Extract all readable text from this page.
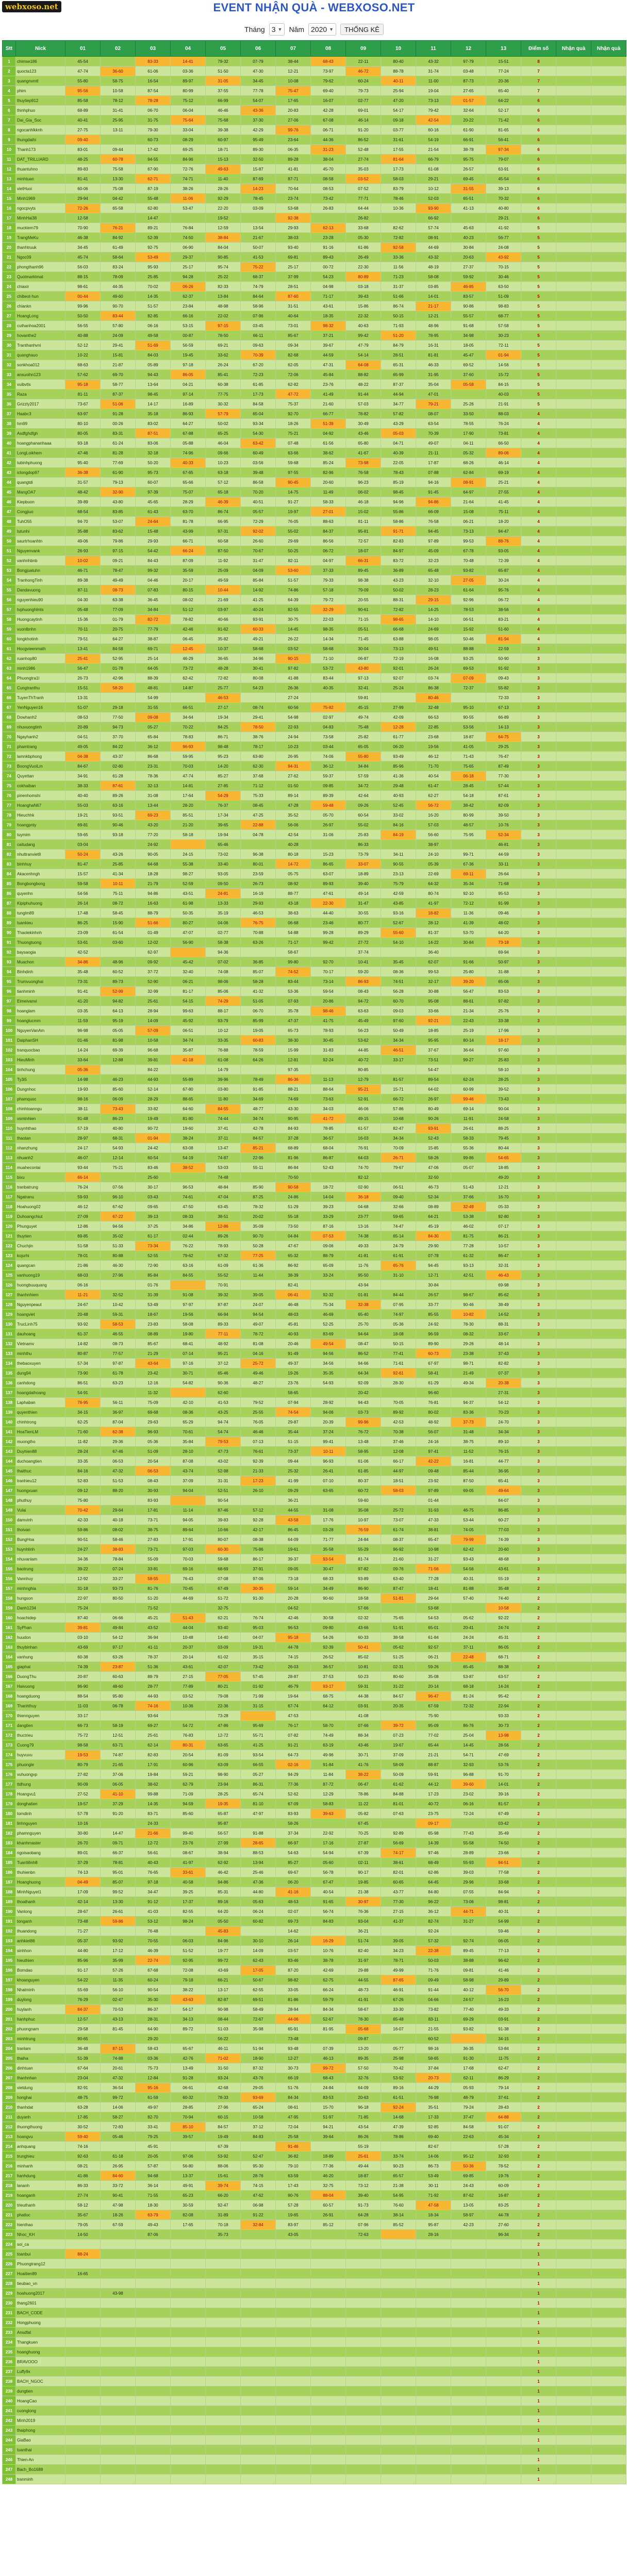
webxoso.net	EVENT NHẬN QUÀ - WEBXOSO.NET
Tháng 3 ▼ Năm 2020 ▼	THỐNG KÊ
Stt	Nick	01	02	03	04	05	06	07	08	09	10	11	12	13	Điểm số	Nhận quà	Nhận quà
1	chimse186	45-54		83-33	14-41	79-32	07-79	38-44	68-43	22-11	80-40	43-32	97-79	15-51	8		
2	quocta123	47-74	36-60	61-06	03-36	51-50	47-30	12-21	73-97	46-72	88-78	31-74	03-48	77-24	7		
3	quangnvmtl	55-80	58-75	16-54	89-97	31-05	34-45	10-08	79-62	60-24	40-11	11-00	87-73	20-36	7		
4	phim	95-56	10-58	87-54	80-99	37-55	77-78	75-47	69-40	79-73	25-94	19-04	27-65	65-40	7		
5	thuytiep912	85-58	78-12	78-28	75-12	66-99	54-07	17-65	16-07	02-77	47-20	73-13	01-57	64-22	6		
6	thinhphuo	68-89	31-41	06-70	06-04	46-46	43-36	20-83	42-28	69-01	54-17	79-42	32-64	52-17	6		
7	Dai_Gia_Soc	40-41	25-95	31-75	75-64	75-68	37-30	27-06	67-08	46-14	09-18	42-54	20-22	71-42	6		
8	ngocanhlkknh	27-75	13-11	79-30	33-04	39-38	42-29	99-76	06-71	91-20	03-77	60-16	61-90	81-65	6		
9	thungdaihi	09-40		60-73	08-29	60-97	95-49	23-64	44-36	86-52	31-61	54-19	66-91	56-41	6		
10	Thanh173	83-01	09-44	17-42	69-25	18-71	89-30	06-35	31-23	52-48	17-55	21-54	38-78	97-34	6		
11	DAT_TRILLIARD	48-25	60-78	94-55	84-96	15-13	32-50	89-28	38-04	27-74	81-64	66-79	95-75	79-07	6		
12	thuantuhno	89-83	75-58	67-90	72-76	49-63	15-87	41-81	45-70	35-03	17-73	61-08	26-57	63-91	6		
13	minhtuan	81-41	13-30	62-71	74-71	11-40	87-69	87-71	08-58	03-52	58-03	29-21	69-45	45-54	6		
14	vietHuoi	60-06	75-08	87-19	38-26	28-26	14-23	70-64	08-53	07-52	83-79	10-12	31-55	39-13	6		
15	Minh1969	29-94	04-42	55-48	11-06	92-29	78-45	23-74	73-42	77-71	78-46	52-03	65-51	70-32	6		
16	ngocpvyts	72-26	65-58	62-80	53-47	22-20	03-09	53-68	26-83	64-44	10-36	93-90	41-13	40-80	6		
17	MinhHai38	12-58		14-47		19-52		92-38		26-82		66-92		29-21	6		
18	muckiem79	70-90	76-21	89-21	76-84	12-59	13-54	29-93	62-13	33-68	82-62	57-74	45-63	41-92	5		
19	TrangMeKu	46-38	84-92	52-39	74-50	38-84	21-67	38-03	23-28	05-30	72-82	08-91	40-23	56-77	5		
20	thanhtruuk	34-45	61-49	92-75	06-90	84-04	50-07	93-40	91-16	61-86	92-58	44-69	30-84	24-08	5		
21	Ngoc09	45-74	58-64	53-49	29-37	90-85	41-53	69-81	89-43	26-49	33-36	43-32	20-63	43-92	5		
22	phongthanh96	56-03	83-24	95-93	25-17	95-74	75-22	25-17	00-72	22-30	11-56	48-19	27-37	70-15	5		
23	Quotmarktmat	88-15	78-09	25-85	94-28	25-22	68-37	37-99	54-23	80-89	71-23	58-08	59-92	30-46	5		
24	chiaxir	98-61	44-35	70-02	06-26	82-33	74-79	28-51	04-98	03-18	31-37	03-85	46-85	63-50	5		
25	chibeot-hun	00-44	49-60	14-35	62-37	13-84	84-64	87-60	71-17	39-43	51-66	14-01	83-57	51-09	5		
26	chiankn	99-96	90-70	51-57	23-84	48-98	58-96	31-51	43-61	15-86	86-74	21-17	90-86	98-83	5		
27	HoangLong	50-50	83-44	82-85	66-16	22-02	07-96	40-64	18-35	22-32	50-15	12-21	55-57	68-77	5		
28	cuthanhoa2001	56-55	57-80	06-16	53-15	97-15	03-45	73-01	98-32	40-63	71-93	48-96	91-68	57-58	5		
29	hovanthe2	40-88	24-09	49-58	00-87	78-50	66-11	85-67	37-21	99-42	51-20	78-95	34-98	30-23	5		
30	Tranthanhvni	52-12	29-41	51-69	56-59	69-21	09-63	09-34	39-67	47-79	84-79	16-31	18-05	72-11	5		
31	quanghauo	10-22	15-81	84-03	19-45	33-62	70-39	82-68	44-59	54-14	28-51	81-81	45-47	01-94	5		
32	sonkhoa012	68-63	21-87	05-89	97-18	26-24	67-20	62-05	47-31	64-08	65-31	46-33	69-52	14-56	5		
33	ansuoihn123	57-62	69-70	94-43	86-05	85-41	72-23	72-06	45-84	88-82	65-99	31-95	37-60	15-72	5		
34	vuibvtls	95-18	58-77	13-64	04-21	60-38	61-85	62-82	23-76	48-22	87-37	35-04	05-58	84-15	5		
35	Raza	81-11	87-37	98-45	97-14	77-75	17-73	47-72	41-49	91-44	44-94	47-01		40-03	5		
36	Grizzly2017	73-67	51-06	14-17	16-89	30-32	84-58	75-37	21-60	57-03	34-77	79-21	25-26	21-91	5		
37	Haabc3	63-97	91-28	35-18	86-93	57-79	65-04	92-70	66-77	78-82	57-82	08-07	33-50	88-03	4		
38	hm99	80-10	00-26	83-02	64-27	50-02	93-34	18-26	51-39	30-49	43-29	63-54	78-55	76-24	4		
39	Asdfghdfgh	80-05	83-31	87-51	67-88	65-25	54-30	75-21	04-92	43-46	05-03	70-39	17-90	73-81	4		
40	hoangphananhaaa	93-18	61-24	83-06	05-88	46-04	63-42	07-48	61-56	65-80	04-71	49-07	04-11	66-50	4		
41	LongLoikhem	47-46	81-28	32-18	74-96	09-66	60-49	63-66	38-62	41-67	40-39	21-11	05-32	89-06	4		
42	tubinhphuong	95-40	77-69	50-20	40-33	10-23	03-56	59-68	85-24	73-98	22-05	17-87	68-26	46-14	4		
43	iclongdop97	36-38	61-90	95-73	67-65	63-18	39-48	97-55	82-96	76-58	78-43	07-88	62-84	69-19	4		
44	quangtdi	31-57	79-13	60-07	65-66	57-12	86-58	90-45	20-60	96-23	85-19	94-16	08-91	25-21	4		
45	MangOA7	48-42	32-90	97-39	75-07	65-18	70-20	14-75	11-49	06-02	98-45	91-45	64-97	27-55	4		
46	Kiepbuon	39-89	43-80	45-65	28-29	46-39	40-51	91-27	58-33	46-18	94-96	94-86	21-64	41-45	4		
47	Congjiuo	68-54	83-85	61-43	63-70	86-74	05-57	19-97	27-01	15-02	55-86	66-09	15-08	75-11	4		
48	TuhO55	94-70	53-07	24-64	81-78	66-95	72-29	76-05	88-63	81-11	58-86	76-58	06-21	18-20	4		
49	tutunhi	35-88	83-62	15-48	43-99	97-31	92-02	55-02	84-37	95-81	91-71	94-45	73-13	94-47	4		
50	saurtrhoanhtn	49-06	79-86	29-93	66-71	60-58	26-60	29-69	86-56	72-57	82-83	97-89	99-53	88-76	4		
51	Nguyenvank	26-93	97-15	54-42	66-24	87-50	70-67	50-25	06-72	18-07	84-97	45-09	67-78	93-05	4		
52	vanhnhbnb	10-02	09-21	84-43	87-09	11-92	31-47	82-11	04-97	66-31	83-72	32-23	70-48	72-39	4		
53	Bongjuatuhn	46-71	78-47	99-32	35-59	25-09	04-09	53-60	37-33	89-45	36-89	65-48	93-82	65-87	4		
54	TranhongTinh	89-38	49-49	04-46	20-17	49-59	85-84	51-57	79-33	98-38	43-23	32-10	27-05	30-24	4		
55	Dandavuong	87-11	08-73	07-83	80-15	10-44	14-92	74-86	57-18	79-09	50-02	28-23	61-64	95-76	4		
56	nguyenhieu90	04-30	63-38	36-45	08-02	21-69	41-25	64-39	79-72	20-55	88-31	29-15	92-96	06-72	4		
57	tvphuonghlmls	05-48	77-09	34-84	51-12	03-97	40-24	82-55	32-29	90-61	72-82	14-25	78-53	38-56	4		
58	Huongcaytinh	15-36	01-79	82-72	78-82	40-66	93-91	30-75	22-03	71-15	98-65	14-10	06-51	83-21	4		
59	vuonlbnhn	70-11	20-75	77-79	42-46	91-62	60-33	14-45	98-35	05-51	66-68	24-69	15-92	51-60	4		
60	longkhotinh	79-51	64-27	38-87	06-45	35-82	49-21	26-22	14-34	71-45	63-88	98-05	50-46	81-94	4		
61	Hocgvieenmath	13-41	84-58	69-71	12-45	10-37	58-68	03-52	58-68	30-04	73-13	49-51	88-88	22-59	3		
62	ruanhop80	25-41	52-95	25-14	46-29	36-65	34-96	90-15	71-10	06-87	72-19	16-08	93-25	50-90	3		
63	minh1986	56-47	01-78	64-05	73-72	48-28	30-41	97-82	53-72	43-80	92-01	26-24	69-53	91-92	3		
64	Phuongtra1l	26-73	42-96	88-39	62-42	72-82	80-08	41-88	83-44	97-13	92-07	03-74	07-09	09-43	3		
65	Cungtranthu	15-51	58-20	48-81	14-87	25-77	54-23	26-36	40-35	32-41	25-24	86-38	72-37	55-82	3		
66	TuyenThTranh	13-31		54-99		46-53		27-24		59-81		80-46		72-33	3		
67	YenNguyen16	51-07	29-18	31-55	66-51	27-17	08-74	60-56	75-82	45-15	27-99	32-48	95-10	67-13	3		
68	Dowhanh2	08-53	77-50	09-08	34-64	19-34	29-41	54-98	02-97	49-74	42-09	66-53	90-55	66-89	3		
69	nhuvuongtinh	20-89	94-73	05-27	70-22	84-25	78-50	22-93	04-83	75-48	12-28	22-85	53-56	14-13	3		
70	Ngayhanh2	04-51	37-70	65-84	78-83	86-71	38-76	24-94	73-58	25-82	61-77	23-68	18-87	64-75	3		
71	phamtrang	49-05	84-22	36-12	96-93	98-48	78-17	10-23	03-44	65-05	06-20	19-56	41-05	29-25	3		
72	lamnkbphong	04-38	43-37	86-68	59-95	95-23	63-80	26-95	74-06	55-80	93-49	46-12	71-43	76-47	3		
73	BoongVuoiLm	84-67	02-80	23-31	70-03	14-20	62-30	94-31	36-12	34-84	85-96	71-70	75-65	87-49	3		
74	Quyettan	34-91	61-28	78-36	47-74	85-27	37-68	27-62	59-37	57-59	41-36	40-54	06-18	77-30	3		
75	cokhaiban	38-33	87-61	32-13	14-81	27-85	71-12	01-50	09-85	34-72	29-48	61-47	28-45	57-44	3		
76	pinenhomshi	40-40	89-26	31-08	17-64	54-29	75-33	89-14	89-39	42-64	40-93	62-27	54-18	87-61	3		
77	HoanghaN67	55-03	63-16	13-44	28-20	76-37	08-45	47-28	59-48	09-26	52-45	56-72	38-42	82-09	3		
78	Hieuchhk	19-21	93-51	69-23	85-51	17-34	47-25	35-52	05-70	60-54	33-02	16-20	80-99	39-50	3		
79	hoangpnty	69-81	90-46	43-20	21-20	39-65	22-88	56-06	26-97	55-02	84-16	57-03	48-57	10-76	3		
80	tuymim	59-65	93-18	77-20	58-18	19-94	04-78	42-54	31-06	25-83	84-19	56-60	75-95	52-34	3		
81	caitudang	03-04		24-92		65-46		40-28		86-33		38-97		46-81	3		
82	nhuttranviet8	50-24	43-26	90-05	24-15	73-02	96-38	80-18	15-23	73-79	34-11	24-10	99-71	44-59	3		
83	binhhuy	81-47	25-85	64-68	55-38	33-40	80-01	14-72	86-65	33-07	90-55	05-39	67-36	33-11	3		
84	Akacenhngh	15-57	41-34	18-28	98-27	93-05	23-59	05-75	63-07	18-89	23-13	22-69	69-11	26-64	3		
85	Bongbongbong	59-58	10-11	21-79	52-59	09-50	26-73	08-92	89-93	39-40	75-79	64-32	35-34	71-68	3		
86	quyenhn	54-56	75-11	94-86	43-51	24-81	16-19	88-77	47-61	49-14	42-59	80-74	92-10	95-53	3		
87	Kipiphuhuong	26-14	08-72	16-63	61-98	13-33	29-93	43-18	22-30	31-47	43-85	41-97	72-12	91-99	3		
88	tunglm89	17-48	58-45	88-79	50-35	35-19	46-53	38-63	44-40	30-55	93-16	18-82	11-36	09-46	3		
89	tuankieu	86-25	15-90	51-66	80-27	04-06	76-75	06-68	23-46	80-77	52-67	28-12	41-39	48-02	3		
90	Thaolekinhnh	23-09	61-54	01-49	47-07	02-77	70-88	54-88	99-28	89-29	55-60	81-37	53-70	64-20	3		
91	Thuongtuong	53-61	03-60	12-02	56-90	58-38	63-26	71-17	99-42	27-72	54-10	14-22	30-84	73-18	3		
92	baysaogia	42-52		62-97		94-36		58-67		37-74		36-40		69-94	3		
93	Muachon	34-86	48-96	09-92	45-42	07-02	36-85	99-80	92-70	10-41	35-45	62-07	91-66	50-97	3		
94	Binhdinh	35-48	60-52	37-72	32-40	74-08	85-07	74-52	70-17	59-20	08-36	99-53	25-80	31-88	3		
95	Trumvuonghai	73-31	89-73	52-90	06-21	98-06	58-28	83-44	73-14	86-93	74-51	32-17	39-20	65-06	3		
96	tianhminh	91-41	52-99	32-99	81-17	85-06	41-32	53-36	59-54	08-43	56-28	30-88	56-47	83-53	3		
97	Eimeivanvi	41-20	94-82	25-61	54-15	74-29	51-05	07-93	20-86	94-72	60-70	95-08	88-61	97-82	3		
98	hoanglam	03-35	64-13	28-94	99-63	88-17	06-70	35-78	98-46	63-63	09-03	33-66	21-34	25-76	3		
99	hoanglucmm	11-59	95-19	14-09	45-92	93-79	85-99	47-37	41-75	45-49	97-60	92-21	22-43	33-38	3		
100	NguyenVanAm	96-98	05-05	57-09	06-51	10-12	19-05	65-73	78-93	56-23	50-49	18-85	25-19	17-96	3		
101	DaiphanSH	01-46	81-98	10-58	34-74	33-35	60-83	38-30	30-45	53-62	34-34	95-95	80-14	18-17	3		
102	tranquocbao	14-24	69-39	96-68	35-87	76-88	78-59	15-99	31-83	44-85	46-51	37-67	36-64	97-60	3		
103	HieuMinh	33-64	12-88	39-81	41-18	61-08	64-26	12-81	92-24	40-72	33-17	73-51	99-27	25-83	3		
104	tinhchung	05-36		84-22		14-79		97-35		80-85		54-47		58-10	3		
105	Ty3i5	14-98	46-23	44-93	55-89	39-96	78-49	86-36	11-13	12-79	81-57	89-54	62-24	28-25	3		
106	Dungnhoc	19-93	85-60	52-14	67-80	03-80	91-85	88-21	88-64	95-21	15-71	64-02	60-99	39-52	3		
107	phamquoc	98-16	06-09	28-29	88-65	11-80	34-69	74-69	73-63	52-91	66-72	26-97	99-46	73-43	3		
108	chinhtoanngu	38-11	73-43	33-82	64-60	84-55	48-77	43-30	34-03	46-06	57-86	80-49	69-14	90-04	3		
109	vsmtnhien	91-48	86-23	19-49	81-80	74-44	34-74	90-95	41-72	49-15	10-68	90-26	11-91	24-58	3		
110	huynhthao	57-19	40-80	90-72	19-60	37-41	42-78	84-93	78-85	61-57	82-47	93-91	26-61	88-25	3		
111	thaotan	28-97	68-31	01-94	38-24	37-11	84-57	37-28	36-57	16-03	34-34	52-43	58-33	79-45	3		
112	nhanzhung	24-17	54-93	24-42	63-08	13-47	85-21	68-89	68-04	76-91	70-09	15-85	55-36	80-44	3		
113	nhuanh2	46-07	12-14	60-54	54-19	74-87	22-96	81-96	86-87	64-03	26-71	58-26	99-86	54-65	3		
114	muaheconlai	93-44	75-21	83-46	38-52	53-03	55-11	86-84	52-43	74-70	79-67	47-06	05-07	18-85	3		
115	bixu	66-14		25-60		74-48		70-50		82-12		32-50		49-20	3		
116	tranbatrung	76-24	07-56	30-17	96-53	48-84	85-90	90-58	18-72	02-90	06-51	46-73	51-43	12-21	3		
117	Ngatranu	59-93	96-10	03-43	74-61	47-04	87-25	24-86	14-04	36-18	09-40	52-34	37-66	16-70	3		
118	Hoahuong02	46-12	67-62	09-65	47-50	63-45	78-32	51-29	39-23	04-68	32-66	08-89	32-49	05-33	3		
119	Duhoangchiut	27-09	67-22	39-13	08-33	38-51	20-02	55-18	33-29	23-77	59-65	64-21	53-38	92-80	3		
120	Phunguyet	12-86	94-56	37-25	34-86	12-86	35-09	73-50	87-16	13-16	74-47	45-19	46-02	07-17	3		
121	thuytien	69-85	35-02	61-17	02-44	89-26	90-70	04-84	07-53	74-38	65-14	84-30	81-75	86-21	3		
122	Chuchjin	51-58	51-33	73-34	76-22	78-93	50-28	47-67	09-06	49-33	24-79	29-90	77-28	10-57	3		
123	kojurhi	78-01	80-88	52-55	79-62	67-32	77-25	65-32	88-79	41-81	61-91	07-78	61-32	86-47	3		
124	quangcan	21-86	46-30	72-90	63-16	61-09	61-36	86-92	65-09	11-76	65-76	94-45	93-13	32-31	3		
125	vanhuong19	68-03	27-96	85-84	84-55	55-52	11-44	38-39	33-24	95-50	31-10	12-71	42-51	46-43	3		
126	huongbuuquang	06-16		01-76		70-91		82-41		43-94		30-84		69-98	3		
127	thanhnhiem	11-21	32-52	31-39	91-08	39-32	39-05	06-41	92-32	01-81	84-44	26-57	98-67	85-62	3		
128	Nguyenpeaut	24-67	10-42	53-49	97-97	87-87	24-07	46-48	75-34	32-38	07-95	33-77	90-46	38-49	3		
129	hoangviet	20-48	59-31	18-67	19-56	66-94	94-54	48-03	46-69	65-40	74-97	85-55	10-82	14-52	3		
130	TrucLinh75	93-92	58-53	23-83	58-08	89-33	49-07	45-81	52-25	25-70	05-36	24-92	78-30	88-31	3		
131	dauhoang	61-37	46-55	08-89	19-80	77-11	78-72	40-93	83-69	94-64	18-08	96-59	08-32	33-67	3		
132	Vietnamv	14-82	08-73	85-67	68-41	48-92	81-08	20-46	49-54	08-47	50-15	89-90	29-26	48-14	3		
133	minhthu	80-87	77-57	21-29	07-14	95-21	04-16	91-49	94-56	86-52	77-41	60-73	23-38	37-43	3		
134	thebaoxuyen	57-34	97-87	43-64	97-16	37-12	25-72	49-37	34-56	94-66	71-61	67-97	98-71	82-82	3		
135	dung94	73-90	61-78	23-42	30-71	65-46	49-46	19-26	35-35	64-34	92-61	58-41	21-49	07-37	3		
136	canhdong	86-51	63-23	12-16	54-82	90-36	48-27	23-76	54-93	92-09	28-30	61-29	49-34	20-38	3		
137	hoangdaihoang	54-91		11-32		62-60		58-65		20-42		96-60		27-31	3		
138	Laphaban	76-95	56-11	75-09	42-10	41-53	79-52	07-94	28-92	94-43	70-05	76-81	94-37	54-12	3		
139	quyenthien	34-15	36-97	69-68	08-36	43-25	25-55	74-54	94-06	03-73	89-92	80-02	83-36	70-23	3		
140	chinhtrong	62-25	87-04	29-63	65-29	94-74	76-05	29-87	20-39	99-96	42-53	48-92	37-73	24-70	3		
141	HoaTienLM	71-60	62-38	96-93	70-61	54-74	46-46	35-44	37-24	76-72	70-38	56-07	31-48	34-34	3		
142	muongtho	11-82	29-36	05-36	35-84	79-53	07-13	51-15	99-41	13-48	37-46	24-16	38-75	89-10	3		
143	Duyhien88	28-24	67-46	51-09	28-10	47-73	76-61	73-37	10-11	58-95	12-08	97-41	11-52	76-15	3		
144	duchoangtien	33-35	06-53	20-54	87-08	43-02	92-39	09-44	96-93	61-06	66-17	42-22	16-81	44-77	3		
145	thaithuc	84-16	47-32	06-53	43-74	52-98	21-33	25-32	26-41	61-85	44-97	09-48	85-44	36-95	3		
146	tranhieu12	52-83	51-53	08-43	37-09	31-31	17-23	41-99	07-10	80-37	18-51	23-92	87-50	65-41	3		
147	huongxuan	09-12	88-20	30-93	94-04	52-51	26-10	09-29	63-65	60-72	58-03	97-89	69-05	49-64	3		
148	phuthuy	75-80		83-93		90-54		36-21		59-60		01-44		84-07	3		
149	Vulai	70-42	29-64	17-81	11-14	87-46	57-12	44-55	31-08	35-08	25-72	31-93	46-75	86-85	3		
150	damvinh	42-33	40-18	73-71	94-05	39-83	92-28	43-58	17-76	10-97	73-07	47-33	53-44	60-27	3		
151	thoivan	59-86	08-02	38-75	89-64	10-66	42-17	86-45	03-28	76-59	61-74	38-81	74-05	77-03	3		
152	BungHoa	90-51	58-46	27-83	17-91	80-07	08-38	64-09	71-77	24-84	08-37	65-47	79-99	74-39	3		
153	huynhlinh	24-27	38-83	73-71	97-03	60-30	75-86	19-61	35-58	55-29	96-92	10-98	62-42	20-60	3		
154	nhuvanlam	34-36	78-84	55-09	70-03	59-68	86-17	39-37	93-54	81-74	21-60	31-27	93-43	48-68	3		
155	baotrung	39-22	07-24	33-81	69-16	68-69	37-91	09-05	30-47	97-82	09-76	71-56	54-56	43-61	3		
156	Vannhuy	12-92	33-27	58-55	76-43	07-08	97-06	73-18	68-33	93-89	63-40	77-28	40-31	55-19	2		
157	minhnghia	31-18	93-73	81-76	70-45	67-49	30-35	59-14	34-49	86-90	87-47	18-41	81-88	35-48	2		
158	hungson	22-97	80-50	51-20	44-69	51-72	91-30	20-28	90-60	18-58	51-81	29-64	57-40	74-40	2		
159	Danh1234	75-24		71-52		32-75		04-52		57-66		53-68		10-58	2		
160	hoachidep	87-40	06-66	45-21	51-43	62-21	76-74	42-46	30-58	02-32	75-65	54-53	05-62	92-22	2		
161	SyPhan	39-81	49-84	43-52	44-04	93-40	95-03	96-53	09-80	43-66	51-91	65-01	20-41	24-74	2		
162	huudon	03-10	54-12	36-94	10-48	14-40	04-07	95-18	54-26	60-33	38-58	61-84	24-24	45-31	2		
163	thuybinhan	43-69	97-17	41-11	20-37	03-09	19-31	44-78	92-39	50-41	05-62	92-57	37-11	86-05	2		
164	vanhung	60-38	63-26	78-37	20-14	61-02	35-15	74-15	26-52	85-02	51-25	06-21	22-48	68-71	2		
165	giaphat	74-39	23-87	51-36	43-61	42-07	73-42	26-03	36-57	10-81	02-31	59-26	65-45	88-38	2		
166	DuongThu	20-87	60-63	88-79	27-15	77-05	57-45	28-87	37-53	50-23	80-60	35-08	53-87	63-57	2		
167	Haivuong	96-90	48-60	28-77	77-89	80-21	01-92	46-79	93-17	59-31	31-22	20-14	68-18	14-24	2		
168	hoangduong	88-54	95-80	44-93	03-52	79-08	71-99	19-64	68-75	44-38	84-57	96-47	81-24	95-42	2		
169	Thanhthuy	11-03	06-78	74-16	10-36	22-36	31-15	67-74	64-12	03-91	20-35	67-59	72-32	22-94	2		
170	thiennguyen	33-17		93-64		73-28		47-53		41-08		75-90		93-33	2		
171	dangtien	66-73	58-19	69-27	54-72	47-86	95-69	76-17	58-70	07-66	39-72	95-09	86-76	30-73	2		
172	thuctrieu	75-72	12-51	25-61	76-83	12-72	55-71	07-82	74-49	88-34	07-23	77-02	25-04	13-98	2		
173	Cuong79	98-58	63-71	62-14	80-31	63-65	41-25	91-21	63-19	43-46	19-67	65-44	14-45	28-56	2		
174	huyvuvu	19-53	74-87	82-83	20-54	81-09	93-54	64-73	49-96	30-71	37-09	21-21	54-71	47-69	2		
175	phuongle	80-79	21-65	17-91	60-96	63-09	66-55	02-16	91-84	41-76	58-09	88-87	32-93	53-76	2		
176	vuhuongvp	27-82	37-06	19-84	59-21	98-90	05-27	94-29	11-84	38-22	50-09	59-91	96-88	91-70	2		
177	ttdhung	90-09	06-05	38-62	62-79	23-94	86-31	77-36	87-72	06-47	61-62	44-12	39-60	14-01	2		
178	Hoangvu1	27-52	41-10	99-88	71-09	28-25	65-74	52-62	12-29	78-86	84-88	17-23	23-02	39-16	2		
179	donghatien	19-57	37-29	14-35	94-59	19-35	81-10	67-09	58-83	11-22	81-01	40-72	06-16	81-57	2		
180	tomdinh	57-78	91-20	83-71	85-60	65-87	47-97	83-93	39-63	05-82	07-63	23-75	72-24	67-49	2		
181	linhnguyen	10-16		24-33		95-87		58-26		67-45		09-17		03-42	2		
182	phamnguyen	30-80	14-47	21-66	99-40	56-57	91-88	37-34	22-92	70-25	92-89	65-98	77-43	35-49	2		
183	khanhmaster	26-70	09-71	12-72	23-76	27-99	28-65	66-97	17-16	27-87	56-69	14-39	55-58	74-50	2		
184	ngoisaobang	89-01	66-37	56-61	08-67	38-94	88-53	54-63	54-94	67-39	74-17	97-46	28-89	23-66	2		
185	TuanMinh8	37-29	78-81	40-43	41-97	62-92	13-94	85-27	05-60	02-11	38-61	68-49	55-93	94-51	2		
186	thuhienbn	74-13	95-01	76-65	33-61	46-42	25-46	69-67	56-78	90-17	82-01	62-86	39-03	77-58	2		
187	Hoanghuong	04-49	85-07	97-18	40-58	94-86	47-36	06-20	67-47	19-85	60-65	64-45	29-96	33-68	2		
188	MinhNguyet1	17-09	99-52	34-47	39-25	85-31	44-80	41-16	40-54	21-38	43-77	84-80	07-55	84-94	2		
189	thoathanh	42-14	13-30	91-12	17-37	89-16	05-63	48-53	91-65	30-97	77-30	96-22	73-06	98-81	2		
190	Vanlong	28-67	26-61	41-03	82-55	64-20	06-24	02-07	56-74	76-36	27-15	36-12	44-71	40-31	2		
191	tonganh	73-48	59-86	53-12	98-24	05-50	60-82	69-73	84-83	93-04	41-37	82-74	31-27	54-99	2		
192	thuandong	71-27		76-48		45-83		14-62		36-21		92-24		59-46	2		
193	anhkiet86	05-37	93-92	70-55	06-03	84-96	30-10	26-14	16-29	51-74	39-05	57-32	92-74	06-05	2		
194	sinhhon	44-80	17-12	46-39	51-52	19-77	14-09	03-57	10-76	82-40	34-23	22-38	89-45	77-13	2		
195	hieuthien	85-96	35-99	22-74	92-95	99-72	62-43	83-46	38-78	31-97	78-71	50-03	38-88	96-62	2		
196	Bomdao	91-17	57-26	67-68	72-08	43-69	17-05	87-20	42-69	29-88	49-99	71-76	09-81	41-46	2		
197	khoanguyen	54-22	11-35	60-24	79-18	66-21	50-67	98-82	62-75	44-55	87-65	09-49	58-98	29-89	2		
198	Nhatminh	55-69	56-10	90-54	38-22	13-17	62-55	33-05	66-24	48-73	46-91	91-44	40-12	56-70	2		
199	duylong	76-29	02-47	35-30	43-63	82-87	69-51	81-86	59-79	41-91	67-26	04-66	24-57	16-23	2		
200	huylanh	84-37	70-53	86-37	54-17	90-98	58-49	28-94	84-34	58-67	33-30	73-82	77-40	49-33	2		
201	hanhphuc	12-57	43-13	28-31	34-13	08-44	72-67	44-06	52-67	78-30	65-48	83-11	69-29	03-91	2		
202	phuongnam	29-58	81-45	64-90	89-72	51-03	35-98	65-91	81-95	05-68	16-07	21-55	93-82	91-38	2		
203	minhtrung	90-65		29-20		56-22		73-48		09-87		60-52		34-15	2		
204	tranlam	36-48	87-15	58-43	65-67	46-11	51-94	93-48	07-39	13-20	05-77	98-16	36-35	53-84	2		
205	thaiha	51-39	74-88	03-36	42-76	71-02	18-90	12-27	46-13	89-35	25-98	58-65	91-30	11-75	2		
206	dinhtuan	67-64	20-61	75-73	13-49	31-50	87-32	30-73	99-72	57-50	70-42	37-84	17-68	62-47	2		
207	thanhnhan	23-04	47-32	12-84	91-28	93-24	43-76	66-19	68-43	32-76	53-92	20-73	62-11	86-29	2		
208	vietdung	82-91	36-54	95-16	06-61	42-68	29-05	51-76	24-84	64-09	89-16	44-29	05-93	79-14	2		
209	honghai	48-75	99-72	61-59	60-32	78-33	93-69	84-34	83-53	20-63	61-51	76-98	48-79	37-61	2		
210	thanhdat	63-28	14-06	49-97	28-85	27-96	65-24	08-61	15-70	96-18	92-24	35-51	79-24	28-43	2		
211	duyanh	17-85	58-27	82-70	70-94	60-15	10-58	47-95	51-97	71-85	14-68	17-33	37-47	64-88	2		
212	thuongthuong	30-52	72-83	33-41	85-10	84-57	37-12	72-04	94-21	43-54	47-39	92-85	84-58	91-07	2		
213	hoangvu	59-40	05-46	79-25	39-57	19-49	84-83	25-58	39-64	86-26	78-86	69-40	22-63	45-34	2		
214	anhquang	74-16		45-91		67-39		91-46		55-19		82-67		57-28	2		
215	trunghieu	92-63	61-18	20-05	97-06	53-92	52-47	36-82	18-89	25-61	33-74	14-06	95-12	32-93	2		
216	minhanh	08-21	26-95	57-87	56-80	88-06	95-30	79-10	77-36	49-44	90-23	86-73	50-36	78-52	2		
217	hanhdung	41-86	84-60	94-68	13-37	15-61	28-76	63-59	46-20	18-87	65-57	53-49	69-85	19-76	2		
218	lananh	86-33	33-72	36-14	49-91	39-74	74-15	17-43	32-75	73-12	21-38	30-11	24-43	60-09	2		
219	hoanganh	27-74	90-41	71-55	65-23	66-20	47-62	90-76	88-04	39-40	54-95	71-92	87-62	16-87	2		
220	trieuthanh	58-12	47-98	18-30	30-59	92-47	06-98	57-28	60-57	91-73	76-60	47-58	13-05	83-25	2		
221	phatloc	35-67	18-26	63-79	82-08	31-89	91-22	19-65	26-91	64-28	38-14	18-34	58-97	44-78	2		
222	hienthao	79-05	67-59	49-43	17-65	70-18	32-84	83-97	85-12	07-96	85-52	95-87	42-23	27-60	2		
223	Nhoc_KH	14-50		87-06		35-73		43-05		72-63		28-16		96-34	2		
224	soi_ca														2		
225	toanbui	88-24													1		
226	Phuongtrang12														1		
227	Hoaitien89	16-65													1		
228	tieubao_vn														1		
229	hoahuong2017		43-98												1		
230	thang2601														1		
231	BACH_CODE														1		
232	Hongphuong														1		
233	Ansdfat														1		
234	Thangkuen														1		
235	hoanghuong														1		
236	BRAVOOO														1		
237	Luffy9x														1		
238	BACH_NGOC														1		
239	dungtien														1		
240	HoangCao														1		
241	cuonglong														1		
242	Minh2019														1		
243	thaiphong														1		
244	GiaBao														1		
245	tuanthai														1		
246	Thien-An														1		
247	Bach_Bo1688														1		
248	tranminh														1		
